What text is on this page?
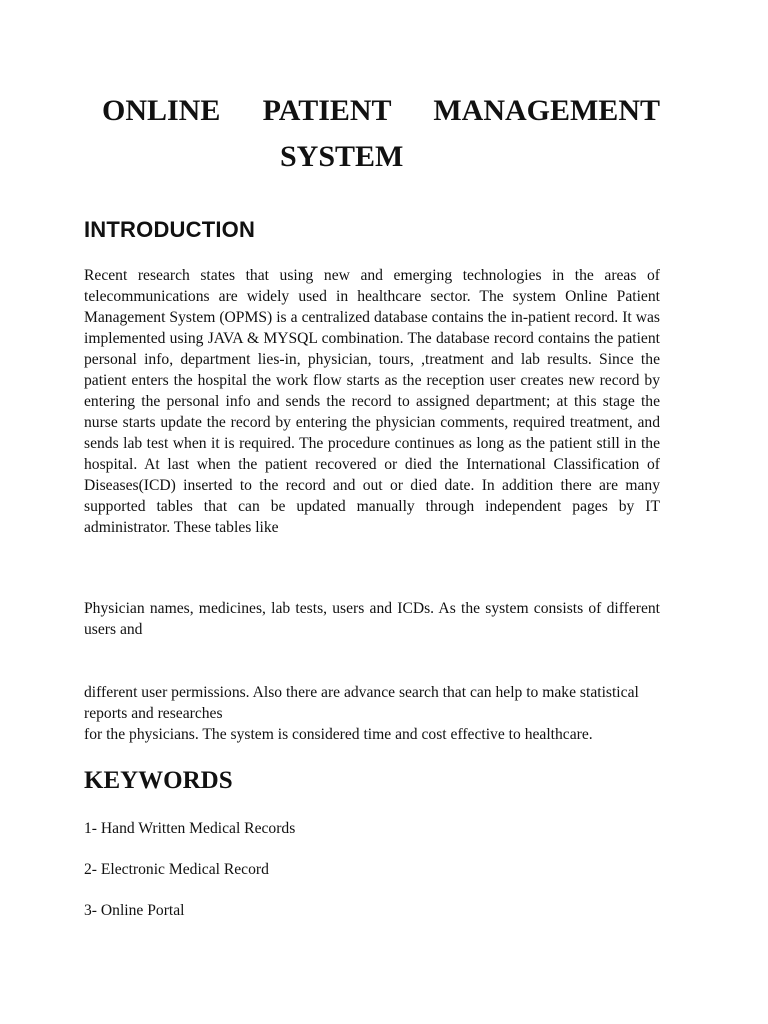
ONLINE PATIENT MANAGEMENT
SYSTEM
INTRODUCTION

Recent research states that using new and emerging technologies in the areas of telecommunications are widely used in healthcare sector. The system Online Patient Management System (OPMS) is a centralized database contains the in-patient record. It was implemented using JAVA & MYSQL combination. The database record contains the patient personal info, department lies-in, physician, tours, ,treatment and lab results. Since the patient enters the hospital the work flow starts as the reception user creates new record by entering the personal info and sends the record to assigned department; at this stage the nurse starts update the record by entering the physician comments, required treatment, and sends lab test when it is required. The procedure continues as long as the patient still in the hospital. At last when the patient recovered or died the International Classification of Diseases(ICD) inserted to the record and out or died date. In addition there are many supported tables that can be updated manually through independent pages by IT administrator. These tables like

Physician names, medicines, lab tests, users and ICDs. As the system consists of different users and

different user permissions. Also there are advance search that can help to make statistical reports and researches
for the physicians. The system is considered time and cost effective to healthcare.

KEYWORDS
1- Hand Written Medical Records
2- Electronic Medical Record
3- Online Portal
